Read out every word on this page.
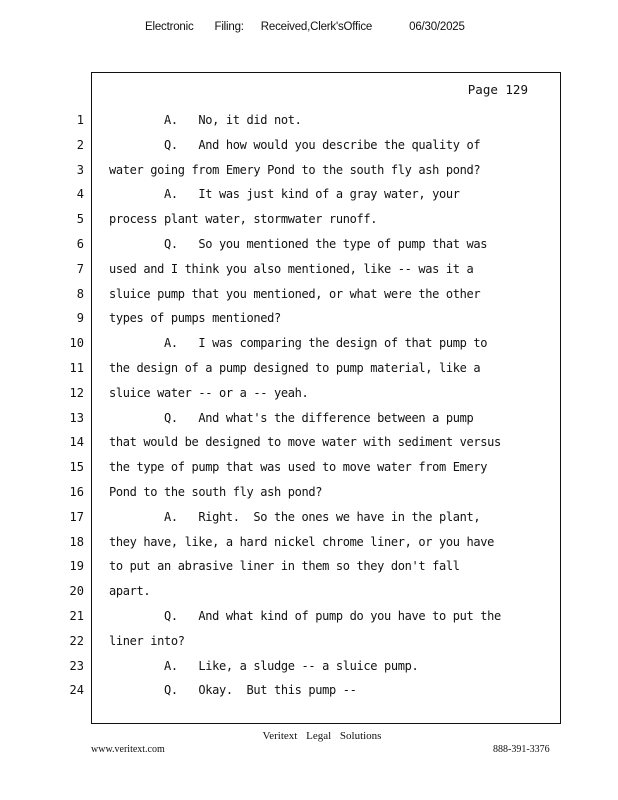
Electronic Filing: Received,Clerk'sOffice	06/30/2025
Page 129
1
2
3
4
5
6
7
8
9
10
11
12
13
14
15
16
17
18
19
20
21
22
23
24
A.   No, it did not.
Q.   And how would you describe the quality of
water going from Emery Pond to the south fly ash pond?
A.   It was just kind of a gray water, your
process plant water, stormwater runoff.
Q.   So you mentioned the type of pump that was
used and I think you also mentioned, like -- was it a
sluice pump that you mentioned, or what were the other
types of pumps mentioned?
A.   I was comparing the design of that pump to
the design of a pump designed to pump material, like a
sluice water -- or a -- yeah.
Q.   And what's the difference between a pump
that would be designed to move water with sediment versus
the type of pump that was used to move water from Emery
Pond to the south fly ash pond?
A.   Right.  So the ones we have in the plant,
they have, like, a hard nickel chrome liner, or you have
to put an abrasive liner in them so they don't fall
apart.
Q.   And what kind of pump do you have to put the
liner into?
A.   Like, a sludge -- a sluice pump.
Q.   Okay.  But this pump --
Veritext Legal Solutions
www.veritext.com	888-391-3376
